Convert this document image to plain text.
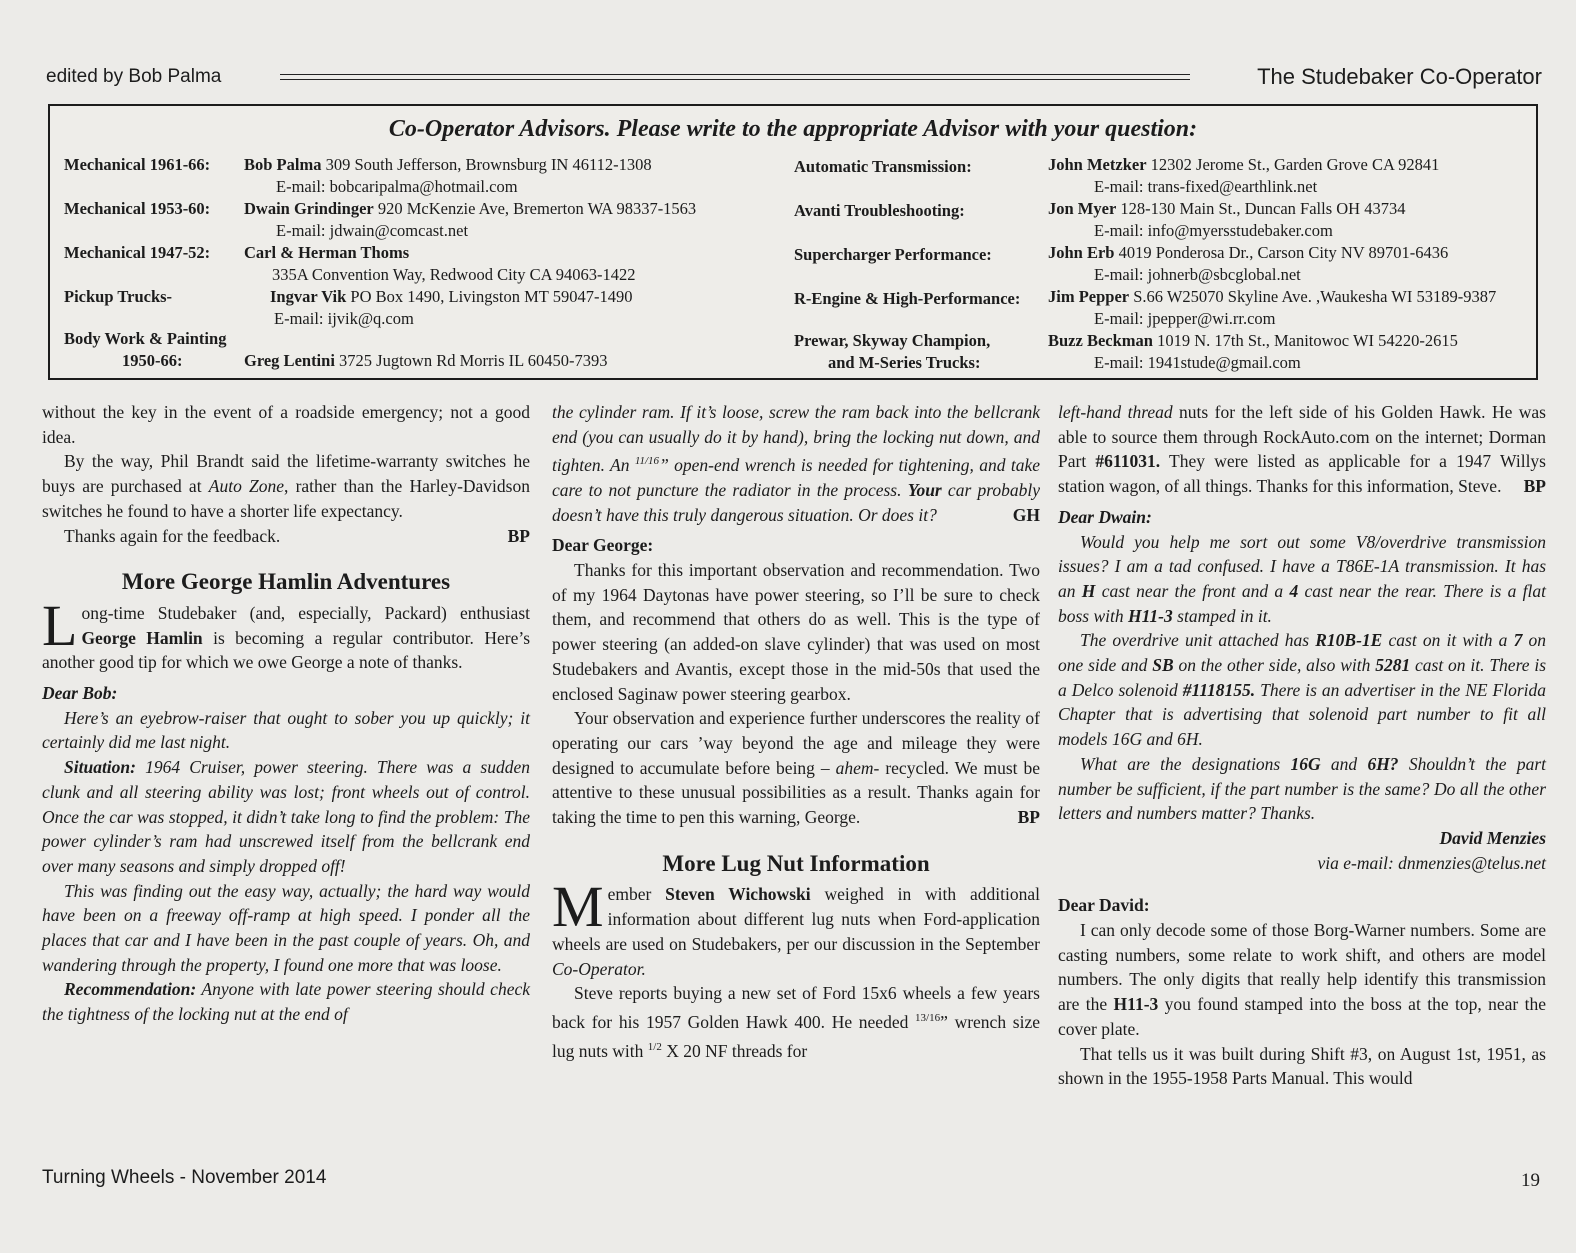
edited by Bob Palma	The Studebaker Co-Operator
Co-Operator Advisors. Please write to the appropriate Advisor with your question:
Mechanical 1961-66: Bob Palma 309 South Jefferson, Brownsburg IN 46112-1308
E-mail: bobcaripalma@hotmail.com
Mechanical 1953-60: Dwain Grindinger 920 McKenzie Ave, Bremerton WA 98337-1563
E-mail: jdwain@comcast.net
Mechanical 1947-52: Carl & Herman Thoms
335A Convention Way, Redwood City CA 94063-1422
Pickup Trucks-	Ingvar Vik PO Box 1490, Livingston MT 59047-1490
E-mail: ijvik@q.com
Body Work & Painting
1950-66:	Greg Lentini 3725 Jugtown Rd Morris IL 60450-7393
Automatic Transmission:	John Metzker 12302 Jerome St., Garden Grove CA 92841
E-mail: trans-fixed@earthlink.net
Avanti Troubleshooting:	Jon Myer 128-130 Main St., Duncan Falls OH 43734
E-mail: info@myersstudebaker.com
Supercharger Performance:	John Erb 4019 Ponderosa Dr., Carson City NV 89701-6436
E-mail: johnerb@sbcglobal.net
R-Engine & High-Performance: Jim Pepper S.66 W25070 Skyline Ave. ,Waukesha WI 53189-9387
E-mail: jpepper@wi.rr.com
Prewar, Skyway Champion,
and M-Series Trucks:
Buzz Beckman 1019 N. 17th St., Manitowoc WI 54220-2615
E-mail: 1941stude@gmail.com

without the key in the event of a roadside emergency; not a good idea.

By the way, Phil Brandt said the lifetime-warranty switches he buys are purchased at Auto Zone, rather than the Harley-Davidson switches he found to have a shorter life expectancy.

Thanks again for the feedback.	BP

More George Hamlin Adventures

Long-time Studebaker (and, especially, Packard) enthusiast George Hamlin is becoming a regular contributor. Here’s another good tip for which we owe George a note of thanks.

Dear Bob:

Here’s an eyebrow-raiser that ought to sober you up quickly; it certainly did me last night.

Situation: 1964 Cruiser, power steering. There was a sudden clunk and all steering ability was lost; front wheels out of control. Once the car was stopped, it didn’t take long to find the problem: The power cylinder’s ram had unscrewed itself from the bellcrank end over many seasons and simply dropped off!

This was finding out the easy way, actually; the hard way would have been on a freeway off-ramp at high speed. I ponder all the places that car and I have been in the past couple of years. Oh, and wandering through the property, I found one more that was loose.

Recommendation: Anyone with late power steering should check the tightness of the locking nut at the end of

the cylinder ram. If it’s loose, screw the ram back into the bellcrank end (you can usually do it by hand), bring the locking nut down, and tighten. An $^{11/16}$” open-end wrench is needed for tightening, and take care to not puncture the radiator in the process. Your car probably doesn’t have this truly dangerous situation. Or does it?	GH

Dear George:

Thanks for this important observation and recommendation. Two of my 1964 Daytonas have power steering, so I’ll be sure to check them, and recommend that others do as well. This is the type of power steering (an added-on slave cylinder) that was used on most Studebakers and Avantis, except those in the mid-50s that used the enclosed Saginaw power steering gearbox.

Your observation and experience further underscores the reality of operating our cars ’way beyond the age and mileage they were designed to accumulate before being – ahem- recycled. We must be attentive to these unusual possibilities as a result. Thanks again for taking the time to pen this warning, George.	BP

More Lug Nut Information

Member Steven Wichowski weighed in with additional information about different lug nuts when Ford-application wheels are used on Studebakers, per our discussion in the September Co-Operator.

Steve reports buying a new set of Ford 15x6 wheels a few years back for his 1957 Golden Hawk 400. He needed $^{13/16}$” wrench size lug nuts with $^{1/2}$ X 20 NF threads for

left-hand thread nuts for the left side of his Golden Hawk. He was able to source them through RockAuto.com on the internet; Dorman Part #611031. They were listed as applicable for a 1947 Willys station wagon, of all things. Thanks for this information, Steve. BP

Dear Dwain:

Would you help me sort out some V8/overdrive transmission issues? I am a tad confused. I have a T86E-1A transmission. It has an H cast near the front and a 4 cast near the rear. There is a flat boss with H11-3 stamped in it.

The overdrive unit attached has R10B-1E cast on it with a 7 on one side and SB on the other side, also with 5281 cast on it. There is a Delco solenoid #1118155. There is an advertiser in the NE Florida Chapter that is advertising that solenoid part number to fit all models 16G and 6H.

What are the designations 16G and 6H? Shouldn’t the part number be sufficient, if the part number is the same? Do all the other letters and numbers matter? Thanks.

David Menzies

via e-mail: dnmenzies@telus.net

Dear David:

I can only decode some of those Borg-Warner numbers. Some are casting numbers, some relate to work shift, and others are model numbers. The only digits that really help identify this transmission are the H11-3 you found stamped into the boss at the top, near the cover plate.

That tells us it was built during Shift #3, on August 1st, 1951, as shown in the 1955-1958 Parts Manual. This would

Turning Wheels - November 2014	19
